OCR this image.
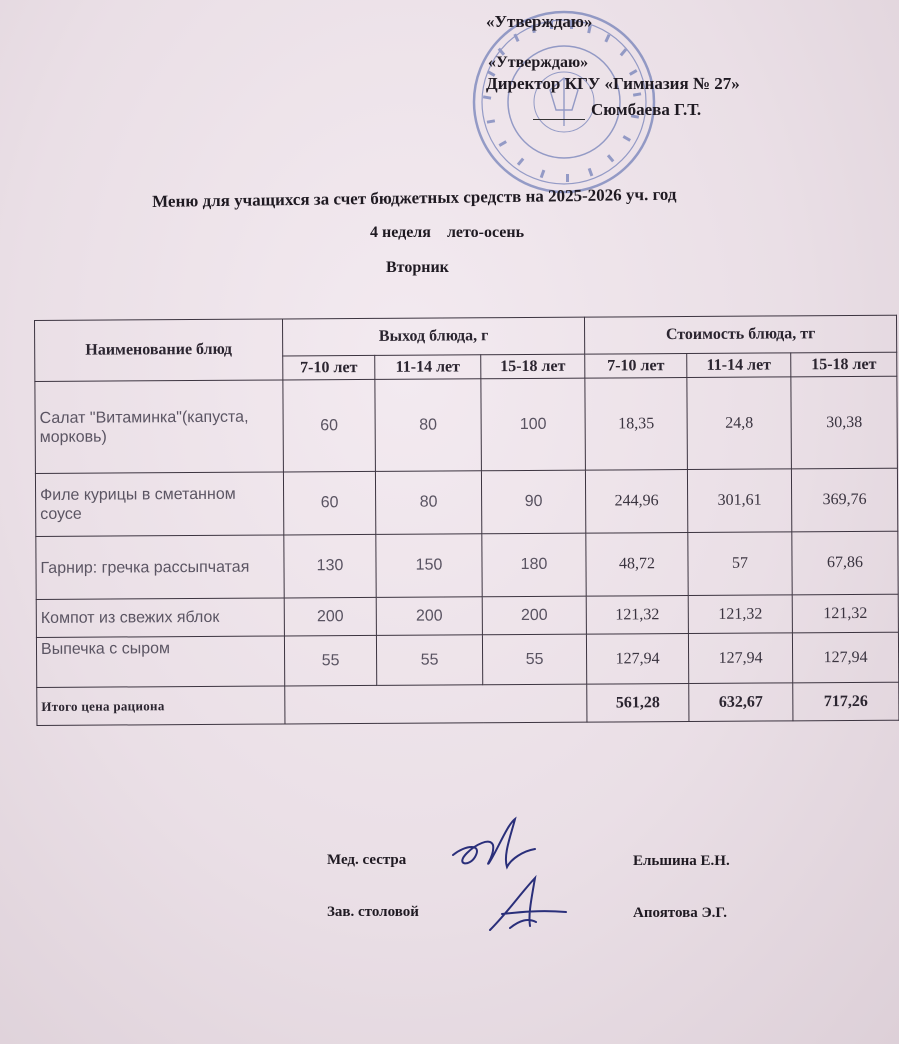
«Утверждаю»
«Утверждаю»
Директор КГУ «Гимназия № 27»
Сюмбаева Г.Т.
Меню для учащихся за счет бюджетных средств на 2025-2026 уч. год
4 неделя    лето-осень
Вторник
Наименование блюд	Выход блюда, г			Стоимость блюда, тг		
	7-10 лет	11-14 лет	15-18 лет	7-10 лет	11-14 лет	15-18 лет
Салат "Витаминка"(капуста, морковь)	60	80	100	18,35	24,8	30,38
Филе курицы в сметанном соусе	60	80	90	244,96	301,61	369,76
Гарнир: гречка рассыпчатая	130	150	180	48,72	57	67,86
Компот из свежих яблок	200	200	200	121,32	121,32	121,32
Выпечка с сыром	55	55	55	127,94	127,94	127,94
Итого цена рациона				561,28	632,67	717,26
Мед. сестра	Ельшина Е.Н.
Зав. столовой	Апоятова Э.Г.
